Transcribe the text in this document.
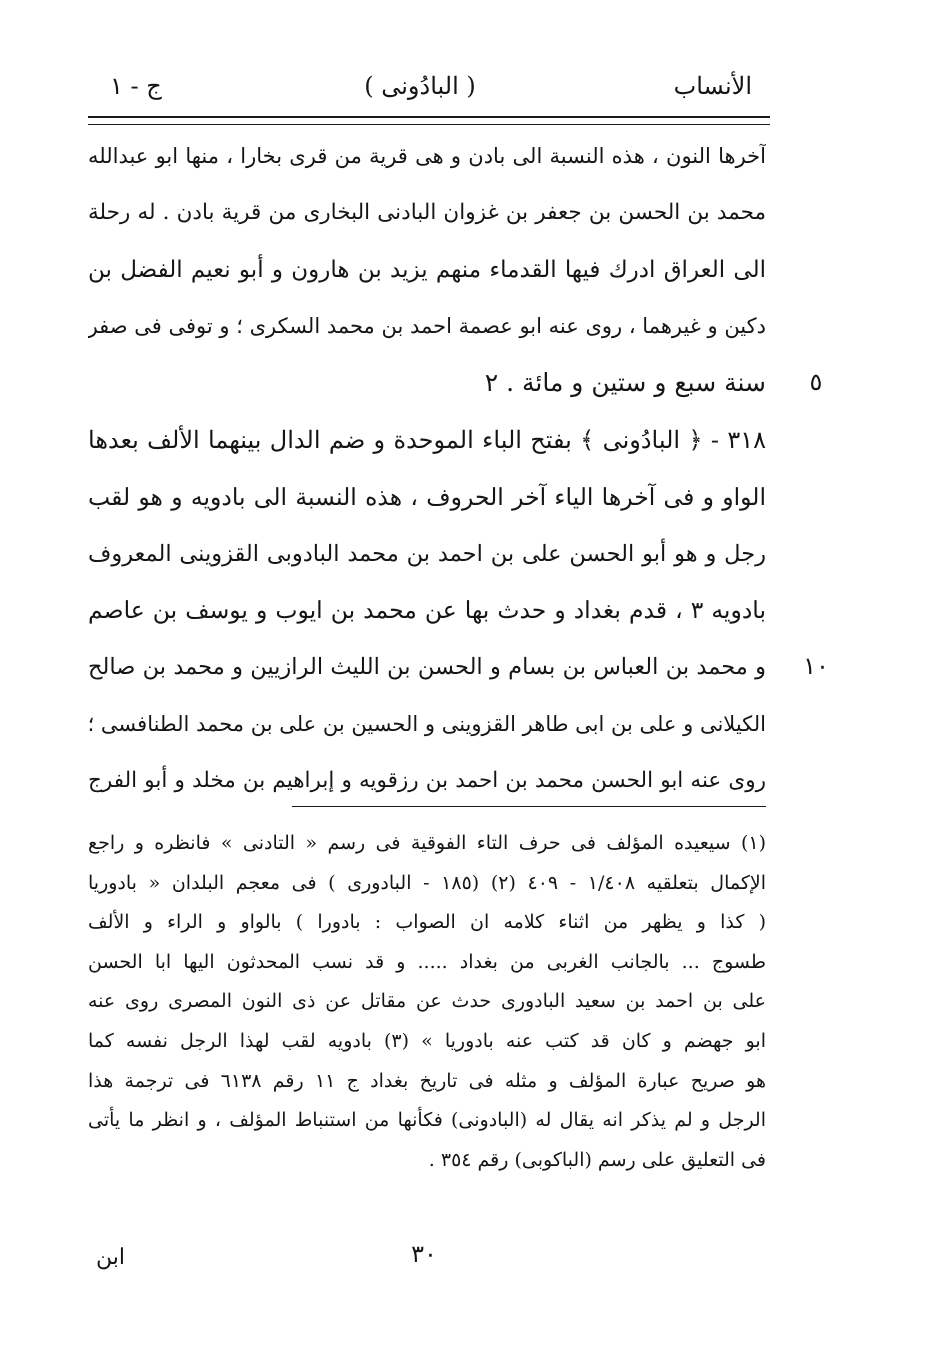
الأنساب
( البادُونى )
ج - ١
آخرها النون ، هذه النسبة الى بادن و هى قرية من قرى بخارا ، منها ابو عبدالله
محمد بن الحسن بن جعفر بن غزوان البادنى البخارى من قرية بادن . له رحلة
الى العراق ادرك فيها القدماء منهم يزيد بن هارون و أبو نعيم الفضل بن
دكين و غيرهما ، روى عنه ابو عصمة احمد بن محمد السكرى ؛ و توفى فى صفر
سنة سبع و ستين و مائة . ٢
٣١٨ - ﴿ البادُونى ﴾ بفتح الباء الموحدة و ضم الدال بينهما الألف بعدها
الواو و فى آخرها الياء آخر الحروف ، هذه النسبة الى بادويه و هو لقب
رجل و هو أبو الحسن على بن احمد بن محمد البادوبى القزوينى المعروف
بادويه ٣ ، قدم بغداد و حدث بها عن محمد بن ايوب و يوسف بن عاصم
و محمد بن العباس بن بسام و الحسن بن الليث الرازيين و محمد بن صالح
الكيلانى و على بن ابى طاهر القزوينى و الحسين بن على بن محمد الطنافسى ؛
روى عنه ابو الحسن محمد بن احمد بن رزقويه و إبراهيم بن مخلد و أبو الفرج
٥
١٠
(١) سيعيده المؤلف فى حرف التاء الفوقية فى رسم « التادنى » فانظره و راجع
الإكمال بتعلقيه ١/٤٠٨ - ٤٠٩ (٢) (١٨٥ - البادورى ) فى معجم البلدان « بادوريا
( كذا و يظهر من اثناء كلامه ان الصواب : بادورا ) بالواو و الراء و الألف
طسوج ... بالجانب الغربى من بغداد ..... و قد نسب المحدثون اليها ابا الحسن
على بن احمد بن سعيد البادورى حدث عن مقاتل عن ذى النون المصرى روى عنه
ابو جهضم و كان قد كتب عنه بادوريا » (٣) بادويه لقب لهذا الرجل نفسه كما
هو صريح عبارة المؤلف و مثله فى تاريخ بغداد ج ١١ رقم ٦١٣٨ فى ترجمة هذا
الرجل و لم يذكر انه يقال له (البادونى) فكأنها من استنباط المؤلف ، و انظر ما يأتى
فى التعليق على رسم (الباكوبى) رقم ٣٥٤ .
٣٠
ابن
